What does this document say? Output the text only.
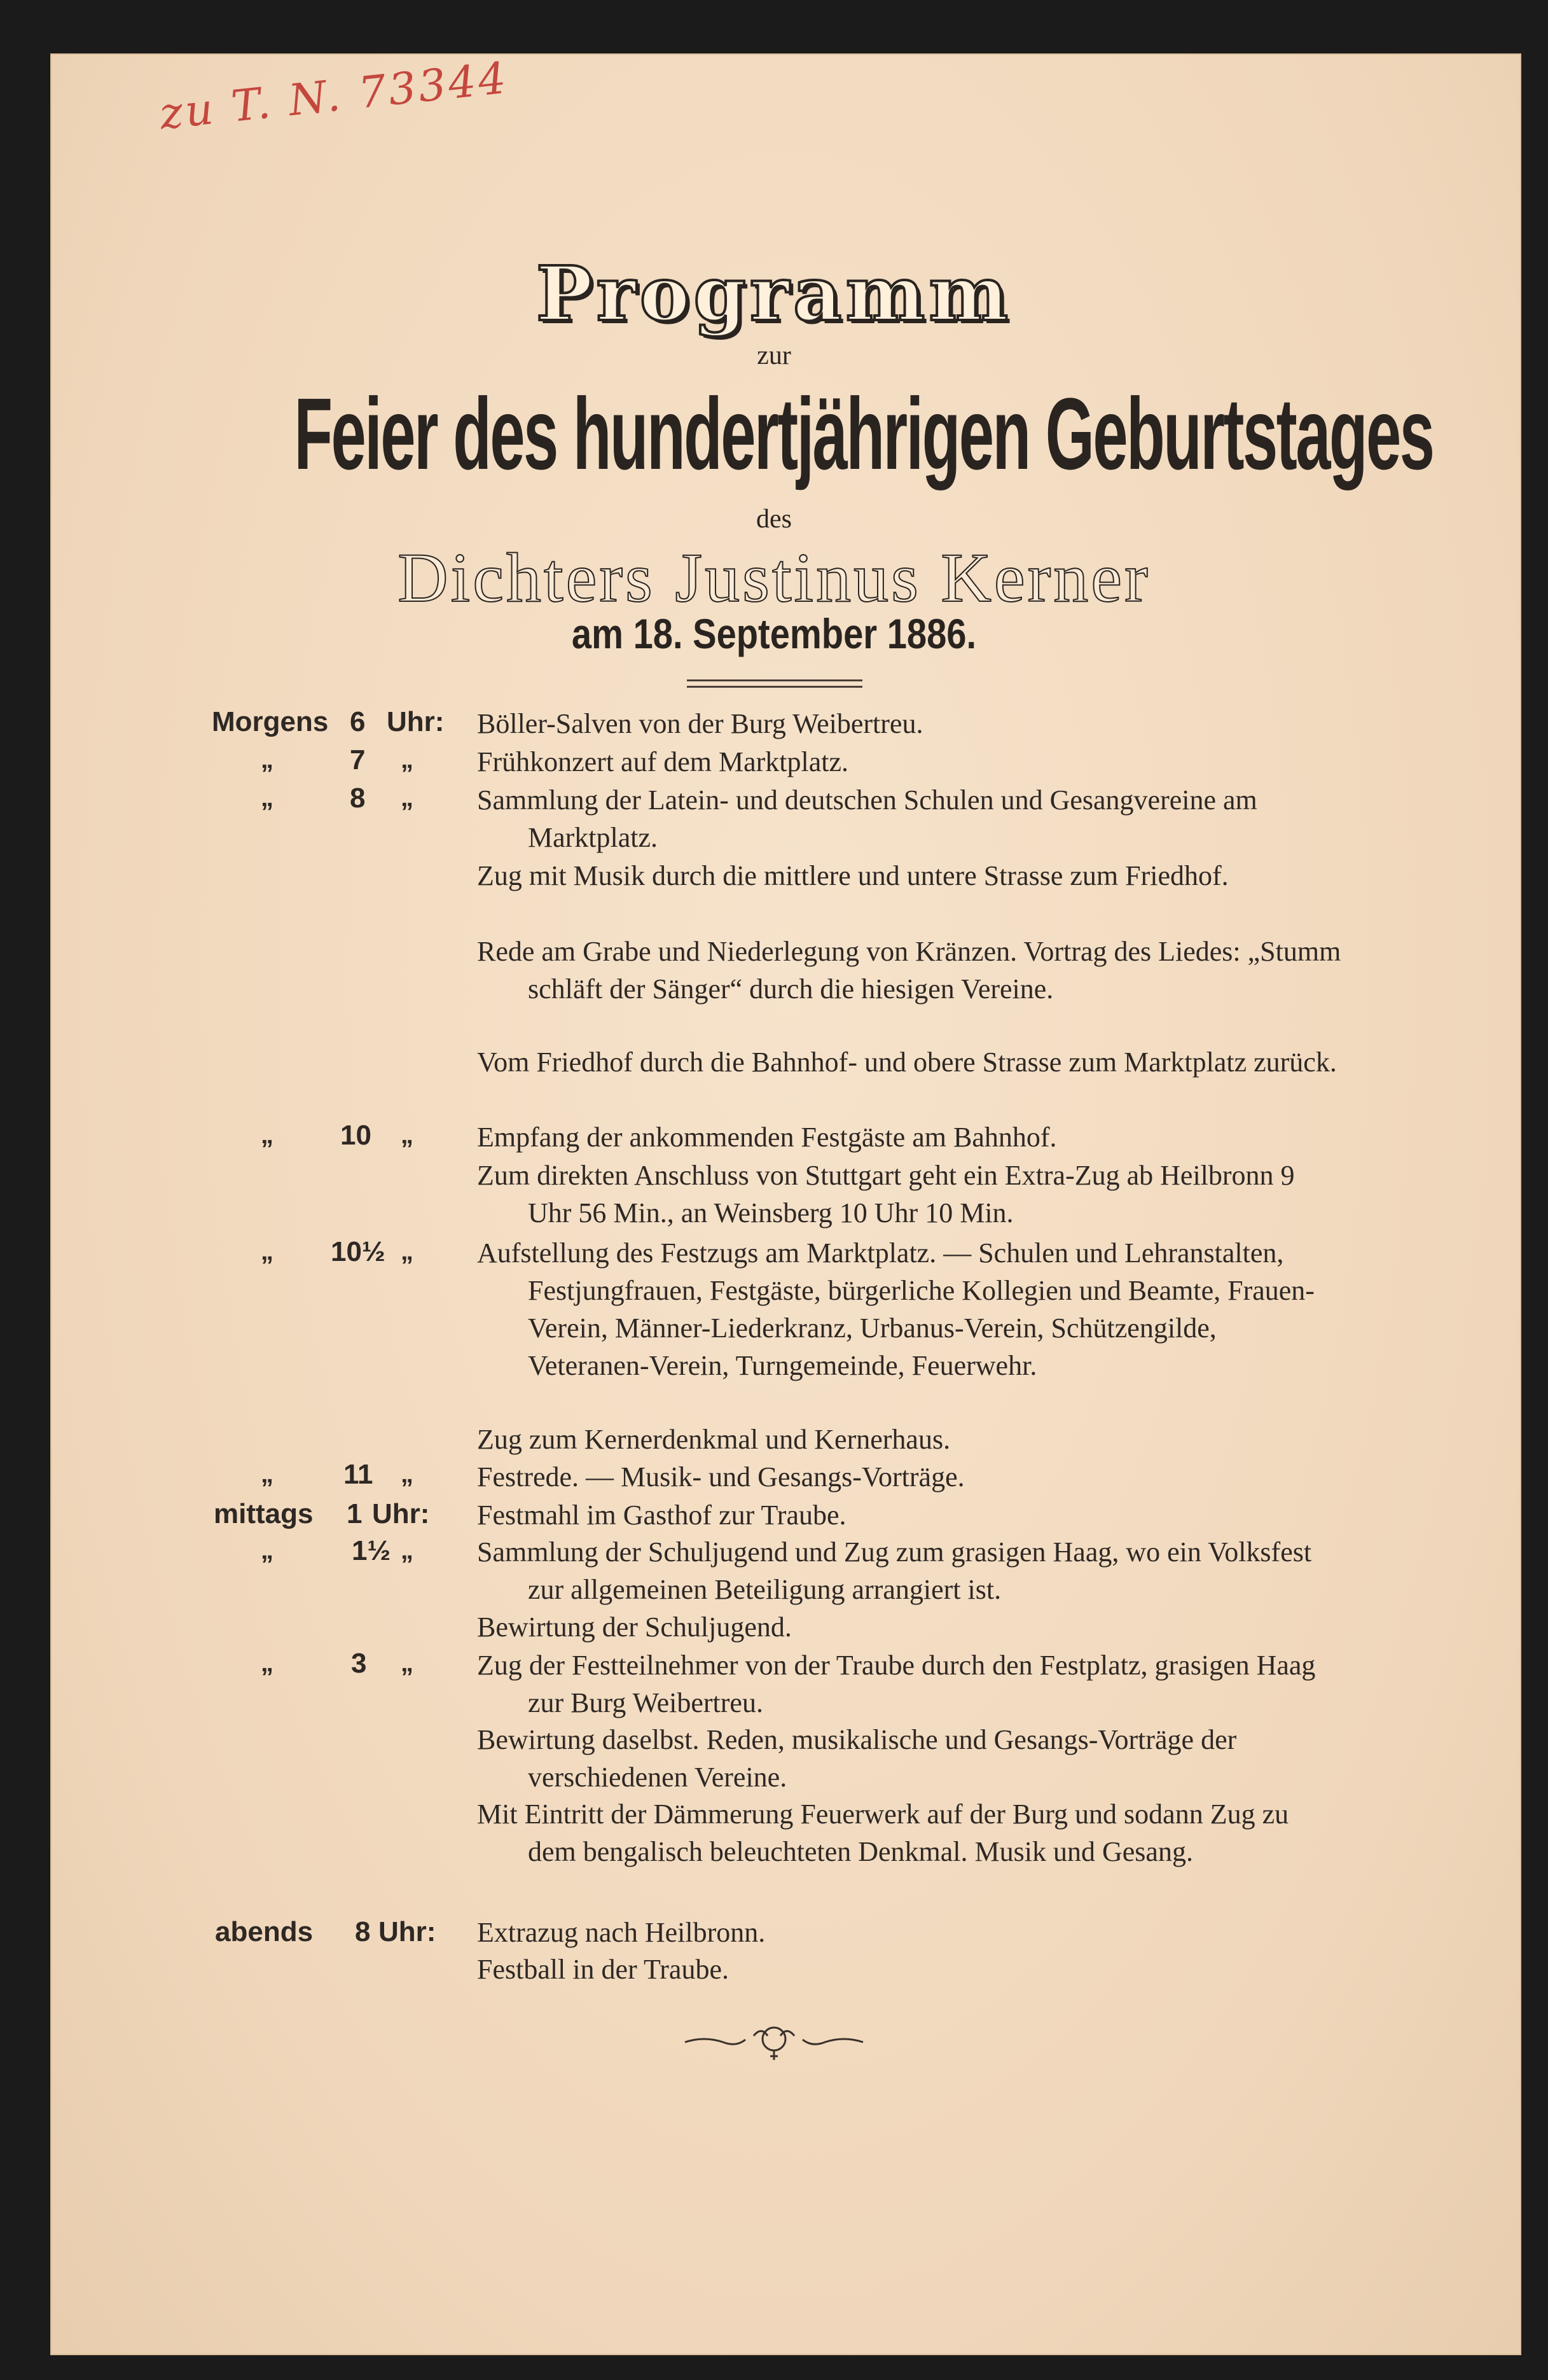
zu T. N. 73344
Programm
zur
Feier des hundertjährigen Geburtstages
des
Dichters Justinus Kerner
am 18. September 1886.
Morgens 6 Uhr: Böller-Salven von der Burg Weibertreu.
„	7 „ Frühkonzert auf dem Marktplatz.
„	8 „ Sammlung der Latein- und deutschen Schulen und Gesangvereine am Marktplatz.
Zug mit Musik durch die mittlere und untere Strasse zum Friedhof.
Rede am Grabe und Niederlegung von Kränzen. Vortrag des Liedes: „Stumm schläft der Sänger“ durch die hiesigen Vereine.
Vom Friedhof durch die Bahnhof- und obere Strasse zum Marktplatz zurück.
„ 10 „ Empfang der ankommenden Festgäste am Bahnhof.
Zum direkten Anschluss von Stuttgart geht ein Extra-Zug ab Heilbronn 9 Uhr 56 Min., an Weinsberg 10 Uhr 10 Min.
„ 10½ „ Aufstellung des Festzugs am Marktplatz. — Schulen und Lehranstalten, Festjungfrauen, Festgäste, bürgerliche Kollegien und Beamte, Frauen-Verein, Männer-Liederkranz, Urbanus-Verein, Schützengilde, Veteranen-Verein, Turngemeinde, Feuerwehr.
Zug zum Kernerdenkmal und Kernerhaus.
„	11 „ Festrede. — Musik- und Gesangs-Vorträge.
mittags 1 Uhr: Festmahl im Gasthof zur Traube.
„	1½ „ Sammlung der Schuljugend und Zug zum grasigen Haag, wo ein Volksfest zur allgemeinen Beteiligung arrangiert ist.
Bewirtung der Schuljugend.
„	3 „ Zug der Festteilnehmer von der Traube durch den Festplatz, grasigen Haag zur Burg Weibertreu.
Bewirtung daselbst. Reden, musikalische und Gesangs-Vorträge der verschiedenen Vereine.
Mit Eintritt der Dämmerung Feuerwerk auf der Burg und sodann Zug zu dem bengalisch beleuchteten Denkmal. Musik und Gesang.
abends 8 Uhr: Extrazug nach Heilbronn.
Festball in der Traube.
